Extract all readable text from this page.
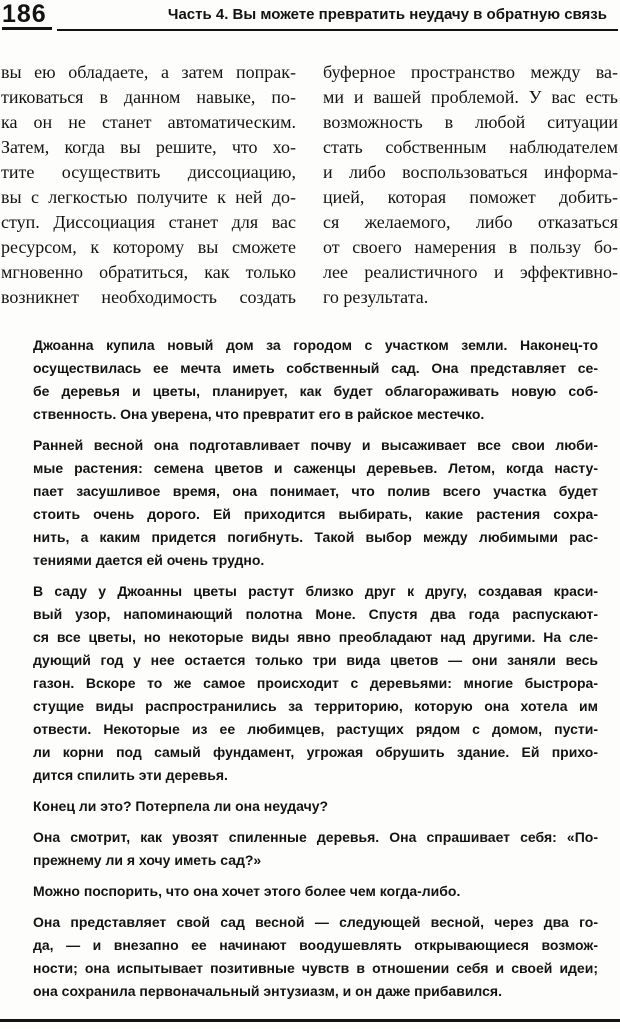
186	Часть 4. Вы можете превратить неудачу в обратную связь
вы ею обладаете, а затем попрак-
тиковаться в данном навыке, по-
ка он не станет автоматическим.
Затем, когда вы решите, что хо-
тите осуществить диссоциацию,
вы с легкостью получите к ней до-
ступ. Диссоциация станет для вас
ресурсом, к которому вы сможете
мгновенно обратиться, как только
возникнет необходимость создать
буферное пространство между ва-
ми и вашей проблемой. У вас есть
возможность в любой ситуации
стать собственным наблюдателем
и либо воспользоваться информа-
цией, которая поможет добить-
ся желаемого, либо отказаться
от своего намерения в пользу бо-
лее реалистичного и эффективно-
го результата.
Джоанна купила новый дом за городом с участком земли. Наконец-то
осуществилась ее мечта иметь собственный сад. Она представляет се-
бе деревья и цветы, планирует, как будет облагораживать новую соб-
ственность. Она уверена, что превратит его в райское местечко.
Ранней весной она подготавливает почву и высаживает все свои люби-
мые растения: семена цветов и саженцы деревьев. Летом, когда насту-
пает засушливое время, она понимает, что полив всего участка будет
стоить очень дорого. Ей приходится выбирать, какие растения сохра-
нить, а каким придется погибнуть. Такой выбор между любимыми рас-
тениями дается ей очень трудно.
В саду у Джоанны цветы растут близко друг к другу, создавая краси-
вый узор, напоминающий полотна Моне. Спустя два года распускают-
ся все цветы, но некоторые виды явно преобладают над другими. На сле-
дующий год у нее остается только три вида цветов — они заняли весь
газон. Вскоре то же самое происходит с деревьями: многие быстрора-
стущие виды распространились за территорию, которую она хотела им
отвести. Некоторые из ее любимцев, растущих рядом с домом, пусти-
ли корни под самый фундамент, угрожая обрушить здание. Ей прихо-
дится спилить эти деревья.
Конец ли это? Потерпела ли она неудачу?
Она смотрит, как увозят спиленные деревья. Она спрашивает себя: «По-
прежнему ли я хочу иметь сад?»
Можно поспорить, что она хочет этого более чем когда-либо.
Она представляет свой сад весной — следующей весной, через два го-
да, — и внезапно ее начинают воодушевлять открывающиеся возмож-
ности; она испытывает позитивные чувств в отношении себя и своей идеи;
она сохранила первоначальный энтузиазм, и он даже прибавился.
